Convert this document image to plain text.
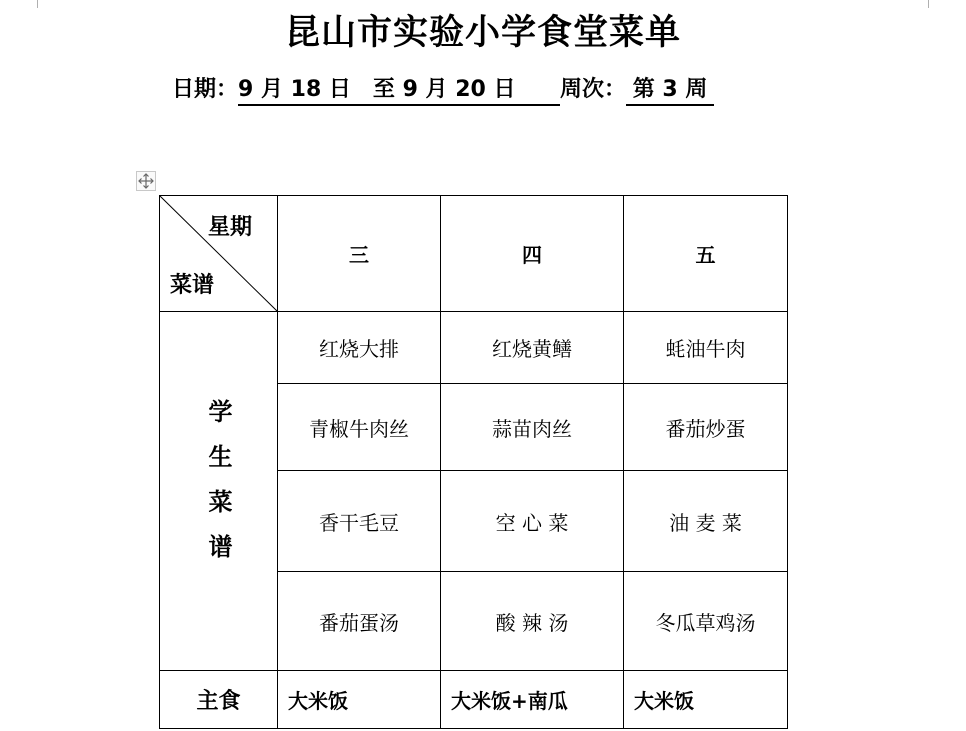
昆山市实验小学食堂菜单
日期：9 月 18 日　至 9 月 20 日 周次： 第 3 周
星期
菜谱	三	四	五
学生菜谱	红烧大排	红烧黄鳝	蚝油牛肉
	青椒牛肉丝	蒜苗肉丝	番茄炒蛋
	香干毛豆	空 心 菜	油 麦 菜
	番茄蛋汤	酸 辣 汤	冬瓜草鸡汤
主食	大米饭	大米饭+南瓜	大米饭
